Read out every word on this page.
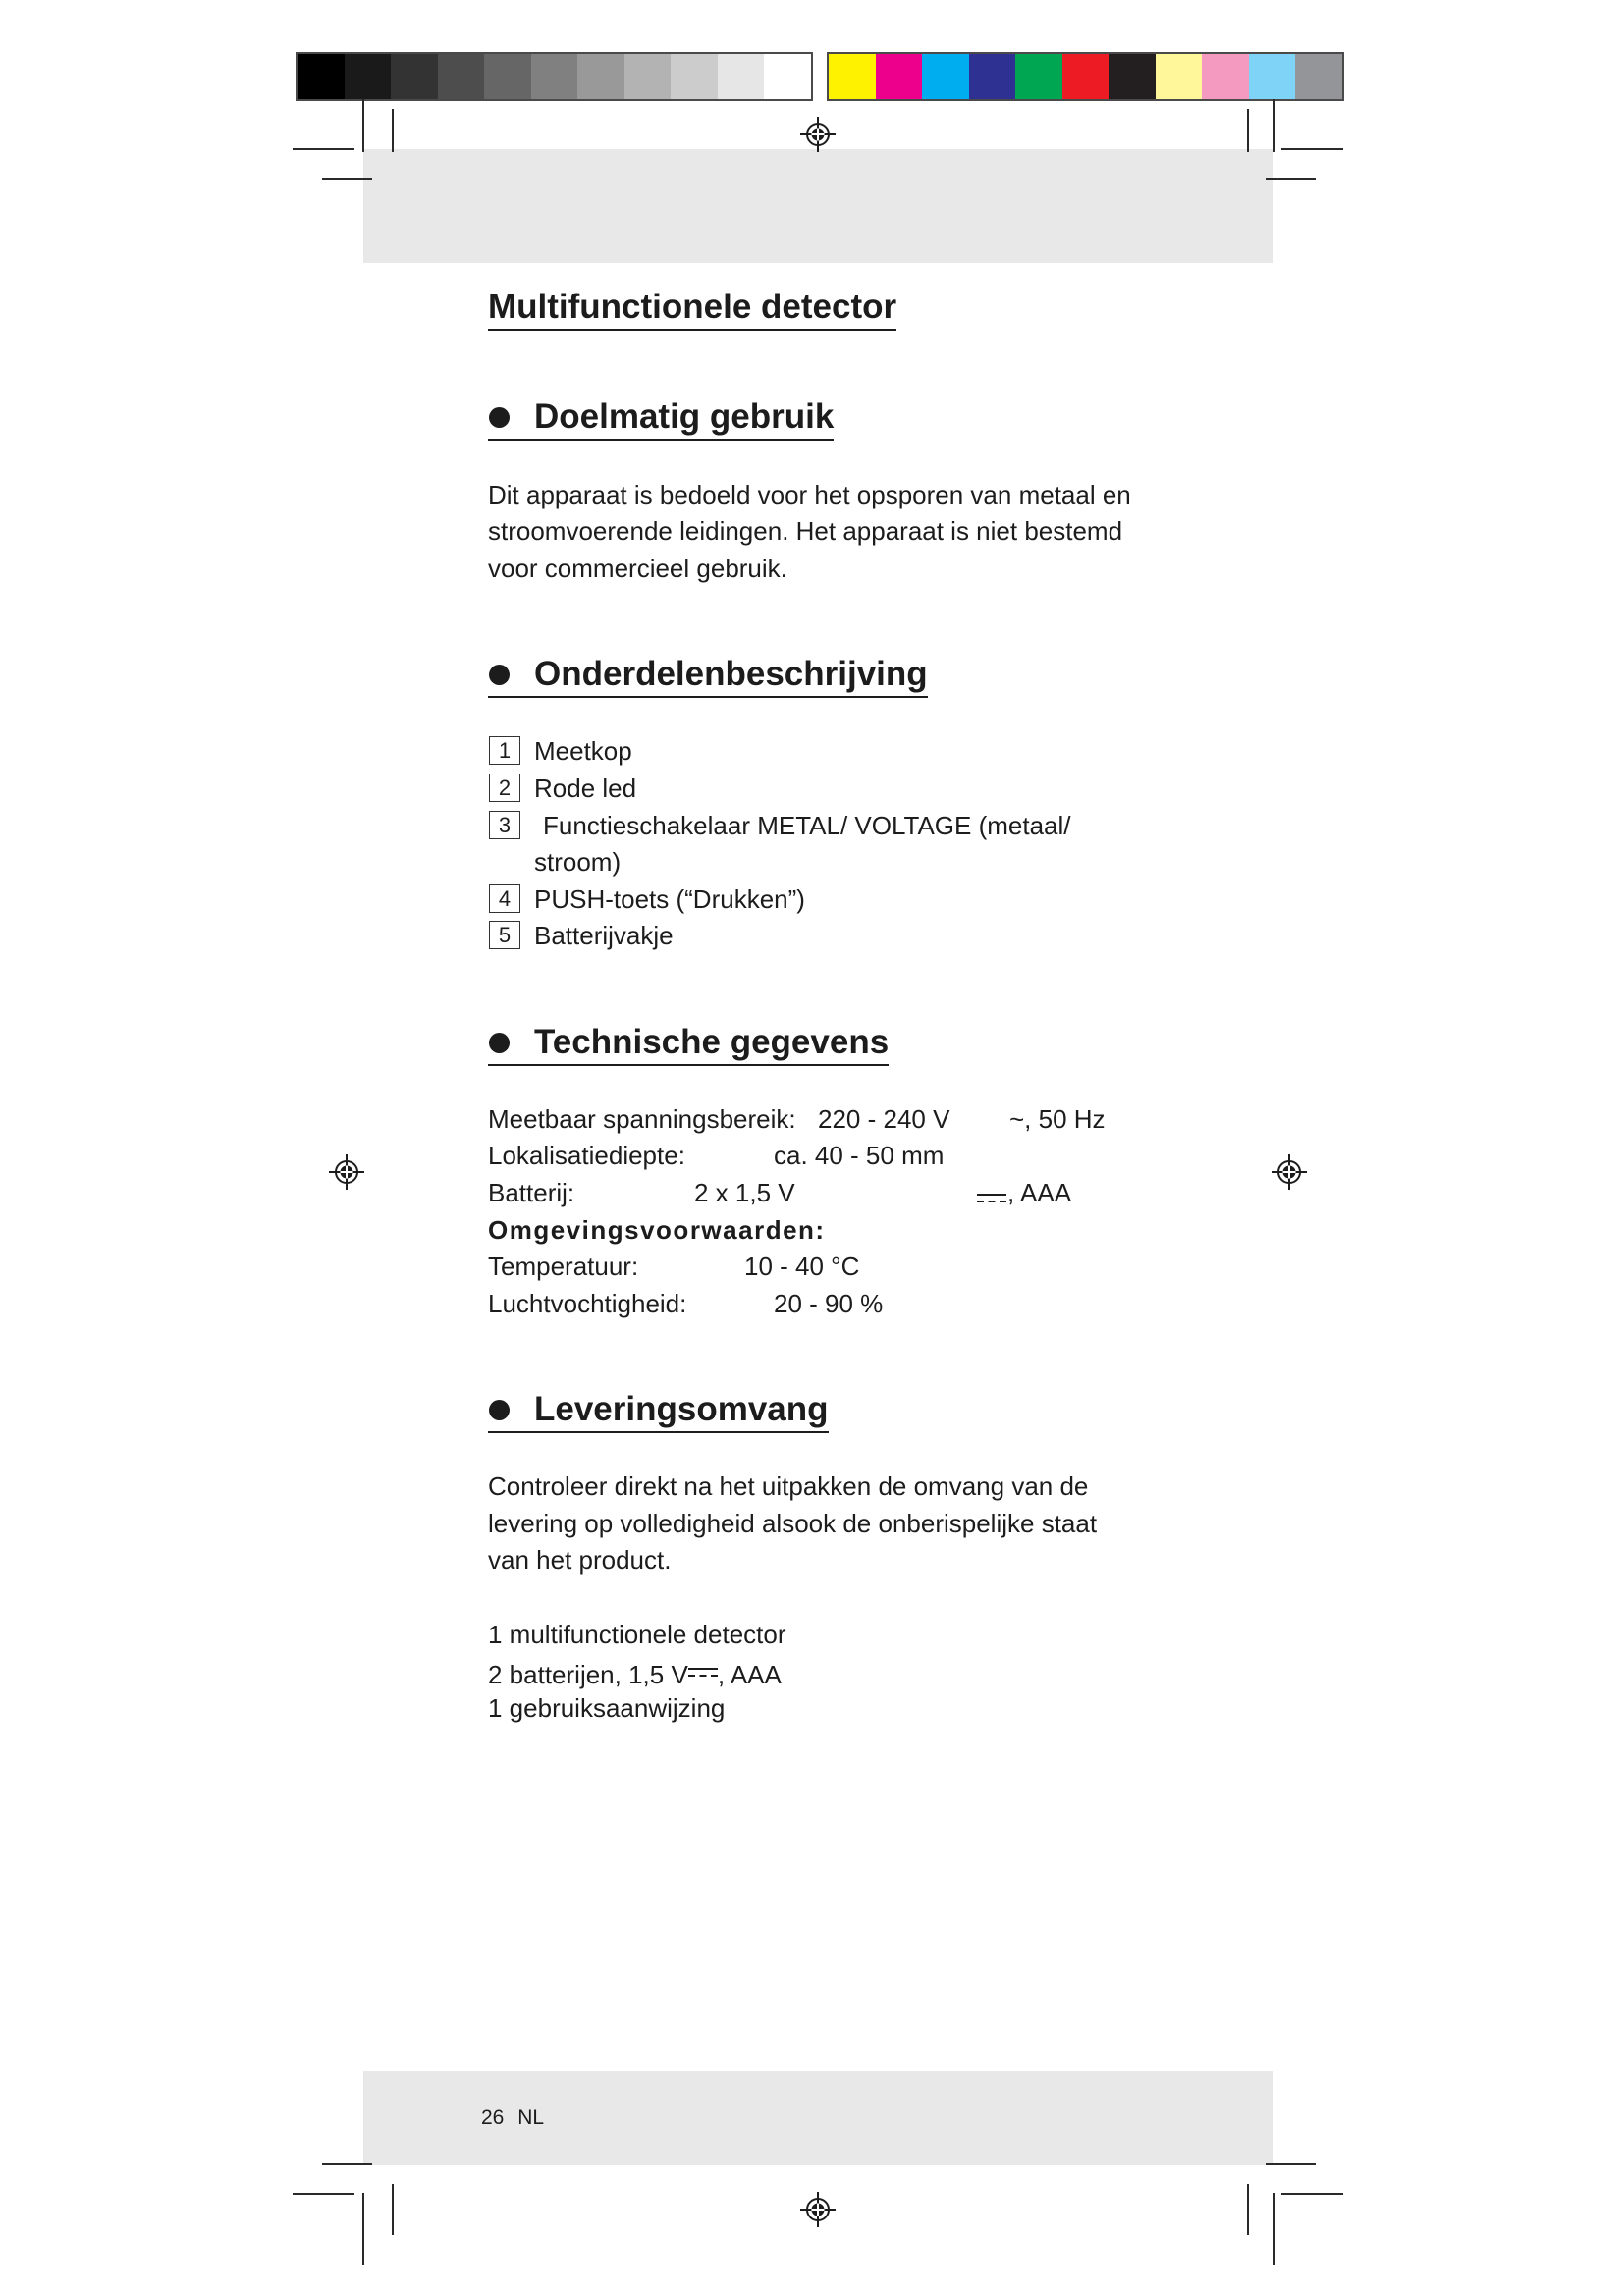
Multifunctionele detector
Doelmatig gebruik
Dit apparaat is bedoeld voor het opsporen van metaal en
stroomvoerende leidingen. Het apparaat is niet bestemd
voor commercieel gebruik.
Onderdelenbeschrijving
1 Meetkop
2 Rode led
3	Functieschakelaar METAL/ VOLTAGE (metaal/
stroom)
4 PUSH-toets (“Drukken”)
5 Batterijvakje
Technische gegevens
Meetbaar spanningsbereik: 220 - 240 V ~, 50 Hz
Lokalisatiediepte:	ca. 40 - 50 mm
Batterij:	2 x 1,5 V	, AAA
Omgevingsvoorwaarden:
Temperatuur:	10 - 40 °C
Luchtvochtigheid:	20 - 90 %
Leveringsomvang
Controleer direkt na het uitpakken de omvang van de
levering op volledigheid alsook de onberispelijke staat
van het product.
1 multifunctionele detector
2 batterijen, 1,5 V , AAA
1 gebruiksaanwijzing
26 NL
